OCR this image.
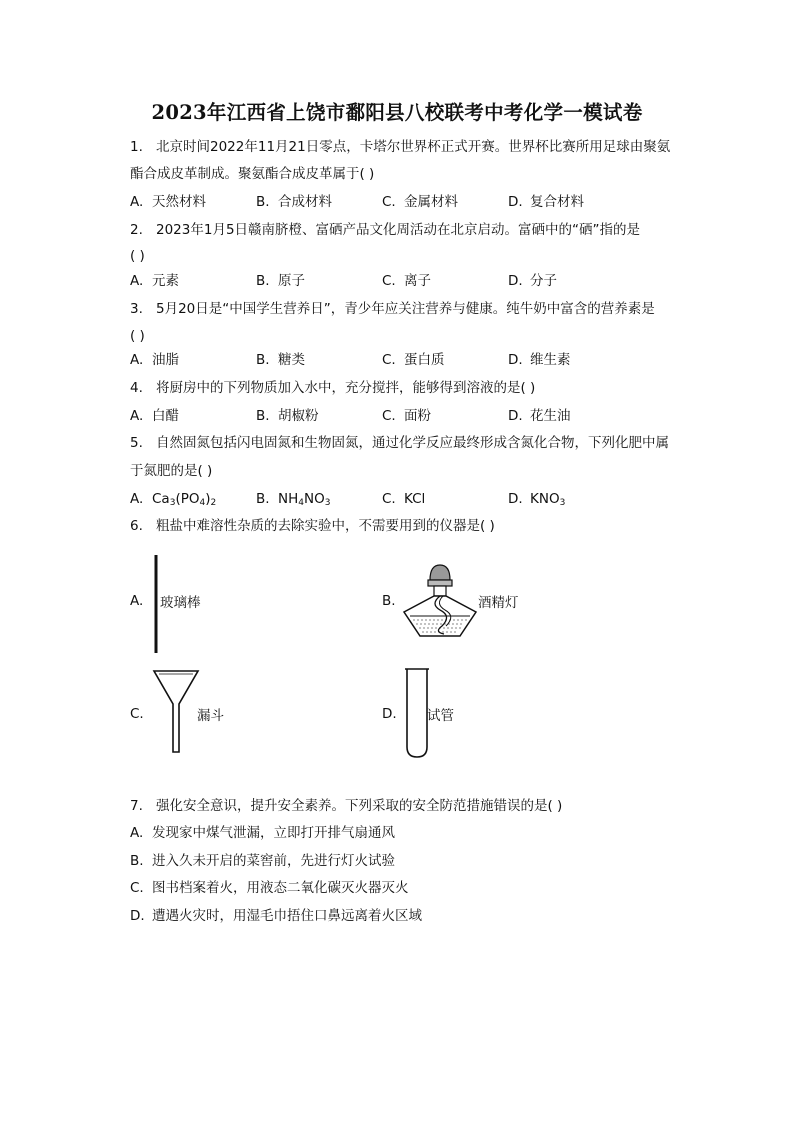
2023年江西省上饶市鄱阳县八校联考中考化学一模试卷
1. 北京时间2022年11月21日零点，卡塔尔世界杯正式开赛。世界杯比赛所用足球由聚氨
酯合成皮革制成。聚氨酯合成皮革属于( )
A. 天然材料	B. 合成材料	C. 金属材料	D. 复合材料
2. 2023年1月5日赣南脐橙、富硒产品文化周活动在北京启动。富硒中的“硒”指的是
( )
A. 元素	B. 原子	C. 离子	D. 分子
3. 5月20日是“中国学生营养日”，青少年应关注营养与健康。纯牛奶中富含的营养素是
( )
A. 油脂	B. 糖类	C. 蛋白质	D. 维生素
4. 将厨房中的下列物质加入水中，充分搅拌，能够得到溶液的是( )
A. 白醋	B. 胡椒粉	C. 面粉	D. 花生油
5. 自然固氮包括闪电固氮和生物固氮，通过化学反应最终形成含氮化合物，下列化肥中属
于氮肥的是( )
A. $Ca_3(PO_4)_2$	B. $NH_4NO_3$	C. KCl	D. $KNO_3$
6. 粗盐中难溶性杂质的去除实验中，不需要用到的仪器是( )
A. 玻璃棒	B.	酒精灯
C.	漏斗	D. 试管
7. 强化安全意识，提升安全素养。下列采取的安全防范措施错误的是( )
A. 发现家中煤气泄漏，立即打开排气扇通风
B. 进入久未开启的菜窖前，先进行灯火试验
C. 图书档案着火，用液态二氧化碳灭火器灭火
D. 遭遇火灾时，用湿毛巾捂住口鼻远离着火区域
